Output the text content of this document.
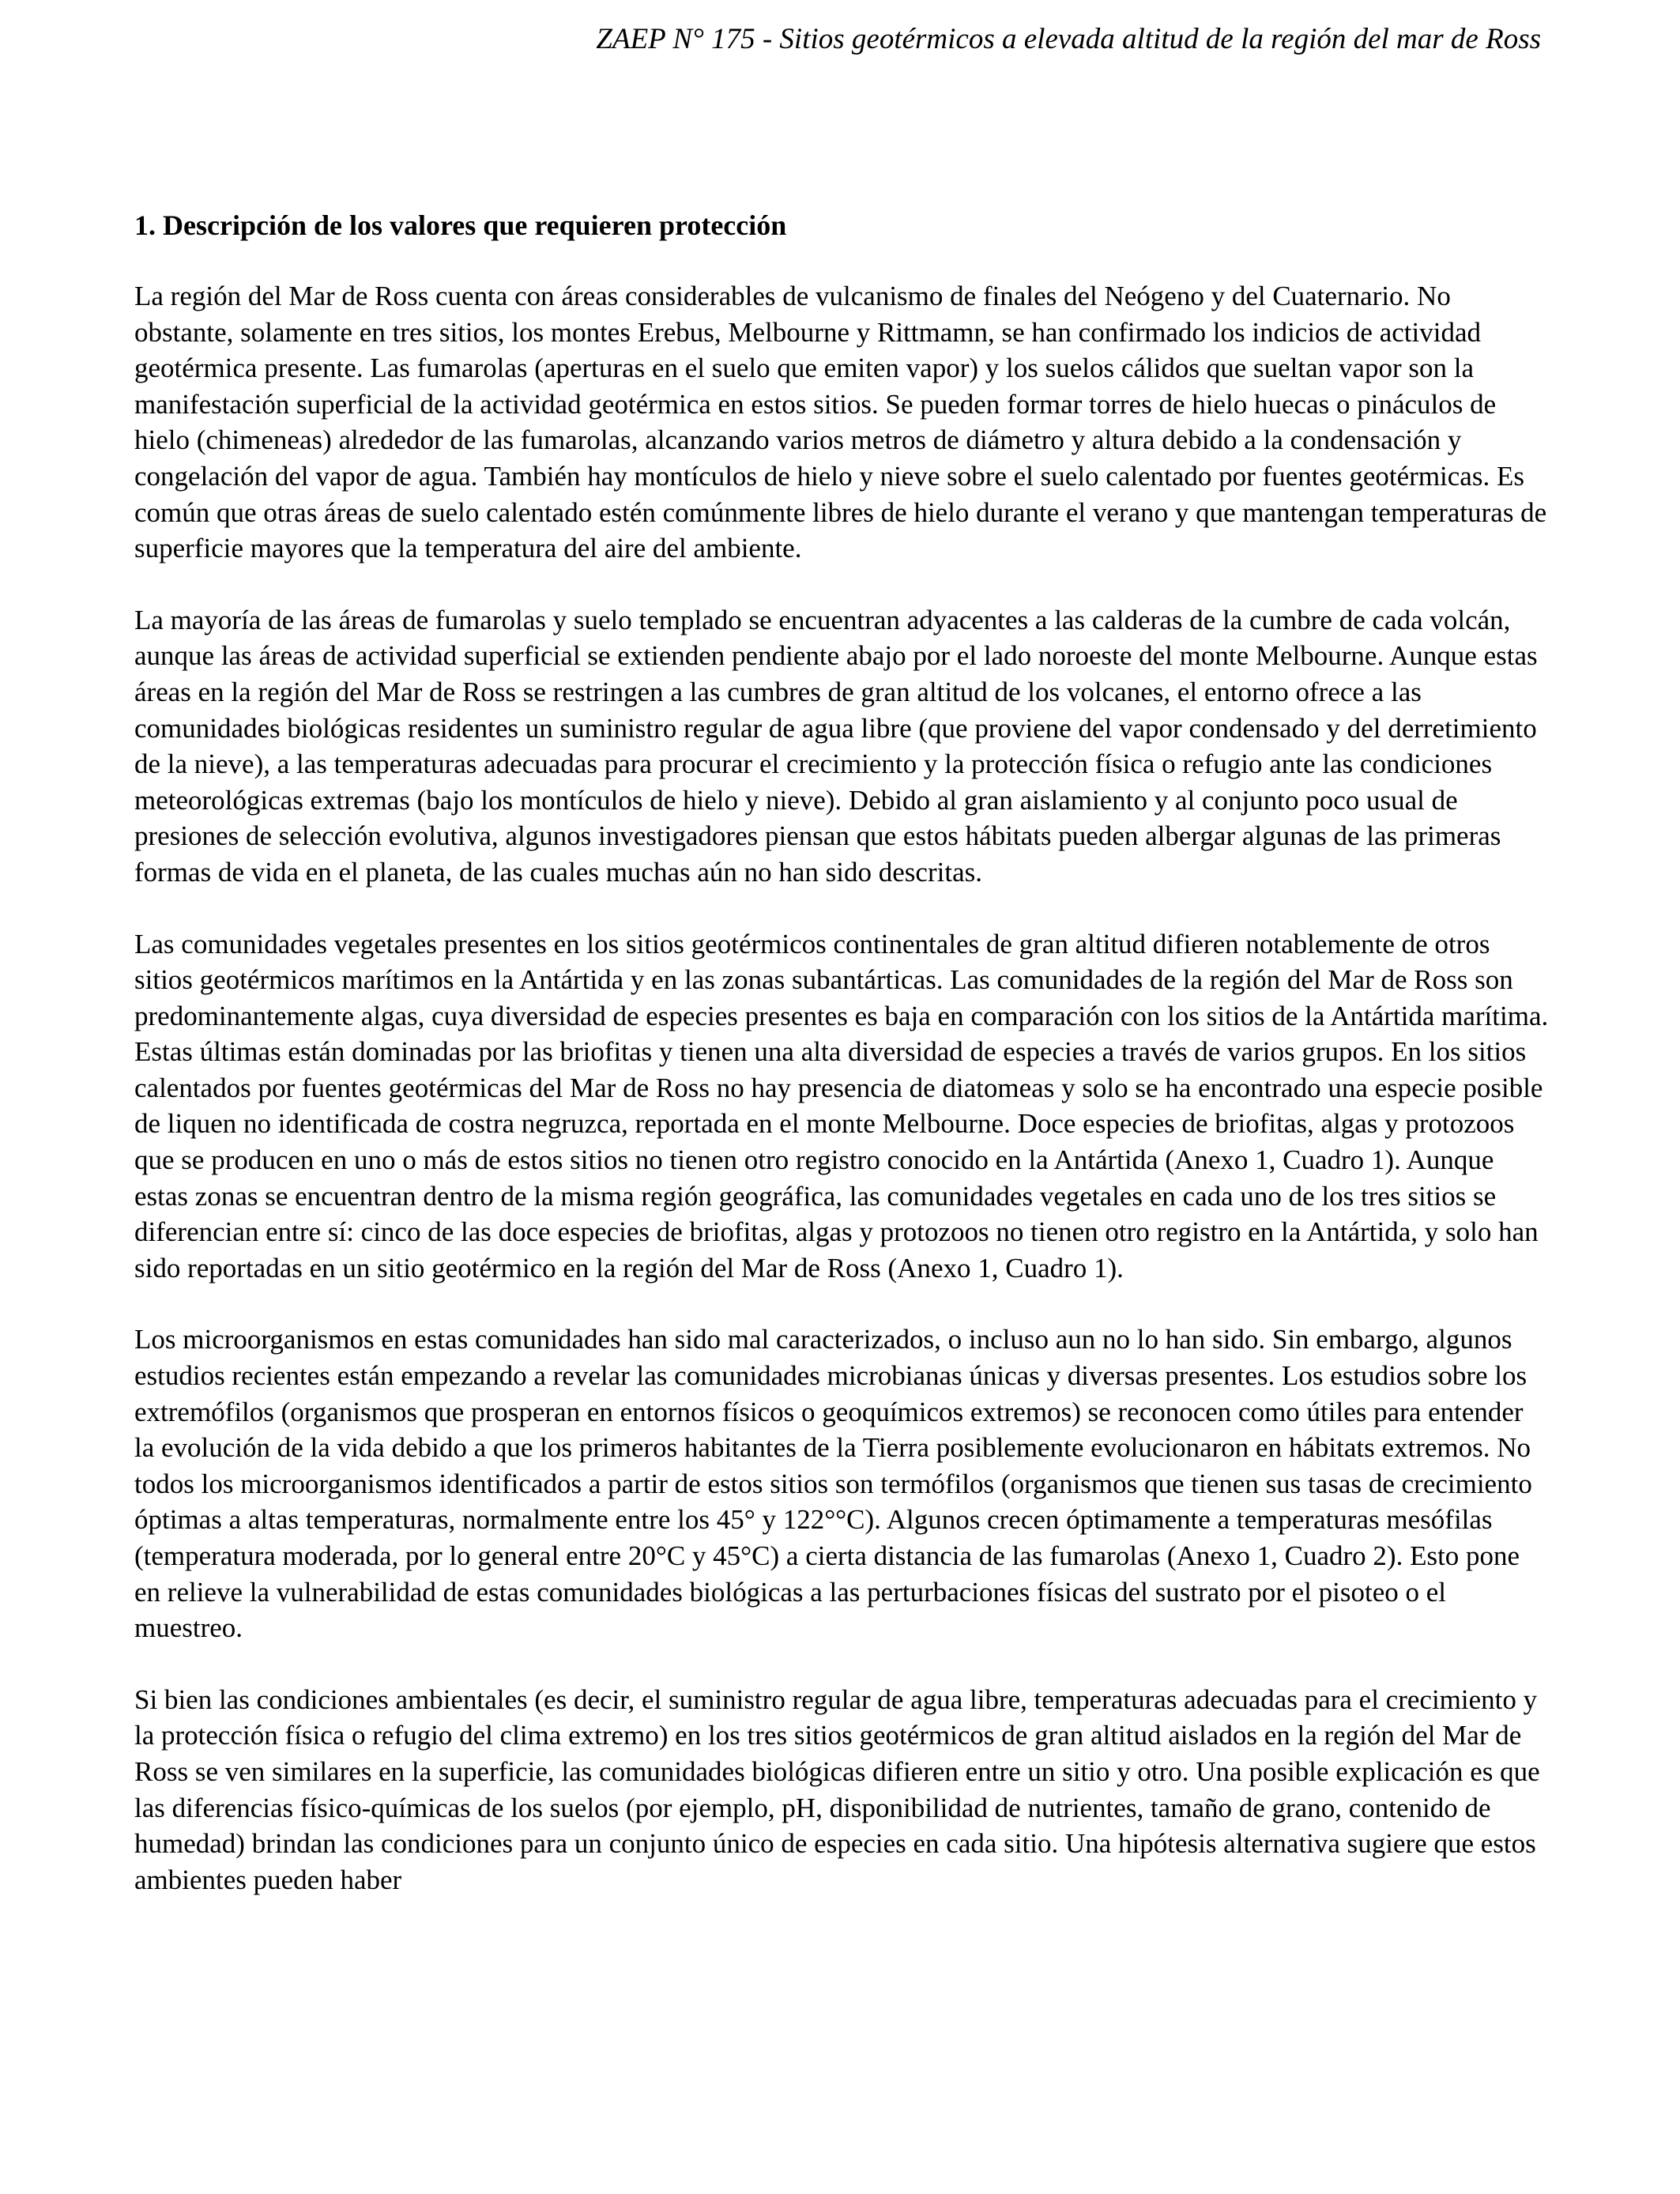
ZAEP N° 175 - Sitios geotérmicos a elevada altitud de la región del mar de Ross
1. Descripción de los valores que requieren protección

La región del Mar de Ross cuenta con áreas considerables de vulcanismo de finales del Neógeno y del Cuaternario. No obstante, solamente en tres sitios, los montes Erebus, Melbourne y Rittmamn, se han confirmado los indicios de actividad geotérmica presente. Las fumarolas (aperturas en el suelo que emiten vapor) y los suelos cálidos que sueltan vapor son la manifestación superficial de la actividad geotérmica en estos sitios. Se pueden formar torres de hielo huecas o pináculos de hielo (chimeneas) alrededor de las fumarolas, alcanzando varios metros de diámetro y altura debido a la condensación y congelación del vapor de agua. También hay montículos de hielo y nieve sobre el suelo calentado por fuentes geotérmicas. Es común que otras áreas de suelo calentado estén comúnmente libres de hielo durante el verano y que mantengan temperaturas de superficie mayores que la temperatura del aire del ambiente.

La mayoría de las áreas de fumarolas y suelo templado se encuentran adyacentes a las calderas de la cumbre de cada volcán, aunque las áreas de actividad superficial se extienden pendiente abajo por el lado noroeste del monte Melbourne. Aunque estas áreas en la región del Mar de Ross se restringen a las cumbres de gran altitud de los volcanes, el entorno ofrece a las comunidades biológicas residentes un suministro regular de agua libre (que proviene del vapor condensado y del derretimiento de la nieve), a las temperaturas adecuadas para procurar el crecimiento y la protección física o refugio ante las condiciones meteorológicas extremas (bajo los montículos de hielo y nieve). Debido al gran aislamiento y al conjunto poco usual de presiones de selección evolutiva, algunos investigadores piensan que estos hábitats pueden albergar algunas de las primeras formas de vida en el planeta, de las cuales muchas aún no han sido descritas.

Las comunidades vegetales presentes en los sitios geotérmicos continentales de gran altitud difieren notablemente de otros sitios geotérmicos marítimos en la Antártida y en las zonas subantárticas. Las comunidades de la región del Mar de Ross son predominantemente algas, cuya diversidad de especies presentes es baja en comparación con los sitios de la Antártida marítima. Estas últimas están dominadas por las briofitas y tienen una alta diversidad de especies a través de varios grupos. En los sitios calentados por fuentes geotérmicas del Mar de Ross no hay presencia de diatomeas y solo se ha encontrado una especie posible de liquen no identificada de costra negruzca, reportada en el monte Melbourne. Doce especies de briofitas, algas y protozoos que se producen en uno o más de estos sitios no tienen otro registro conocido en la Antártida (Anexo 1, Cuadro 1). Aunque estas zonas se encuentran dentro de la misma región geográfica, las comunidades vegetales en cada uno de los tres sitios se diferencian entre sí: cinco de las doce especies de briofitas, algas y protozoos no tienen otro registro en la Antártida, y solo han sido reportadas en un sitio geotérmico en la región del Mar de Ross (Anexo 1, Cuadro 1).

Los microorganismos en estas comunidades han sido mal caracterizados, o incluso aun no lo han sido. Sin embargo, algunos estudios recientes están empezando a revelar las comunidades microbianas únicas y diversas presentes. Los estudios sobre los extremófilos (organismos que prosperan en entornos físicos o geoquímicos extremos) se reconocen como útiles para entender la evolución de la vida debido a que los primeros habitantes de la Tierra posiblemente evolucionaron en hábitats extremos. No todos los microorganismos identificados a partir de estos sitios son termófilos (organismos que tienen sus tasas de crecimiento óptimas a altas temperaturas, normalmente entre los 45° y 122°°C). Algunos crecen óptimamente a temperaturas mesófilas (temperatura moderada, por lo general entre 20°C y 45°C) a cierta distancia de las fumarolas (Anexo 1, Cuadro 2). Esto pone en relieve la vulnerabilidad de estas comunidades biológicas a las perturbaciones físicas del sustrato por el pisoteo o el muestreo.

Si bien las condiciones ambientales (es decir, el suministro regular de agua libre, temperaturas adecuadas para el crecimiento y la protección física o refugio del clima extremo) en los tres sitios geotérmicos de gran altitud aislados en la región del Mar de Ross se ven similares en la superficie, las comunidades biológicas difieren entre un sitio y otro. Una posible explicación es que las diferencias físico-químicas de los suelos (por ejemplo, pH, disponibilidad de nutrientes, tamaño de grano, contenido de humedad) brindan las condiciones para un conjunto único de especies en cada sitio. Una hipótesis alternativa sugiere que estos ambientes pueden haber
